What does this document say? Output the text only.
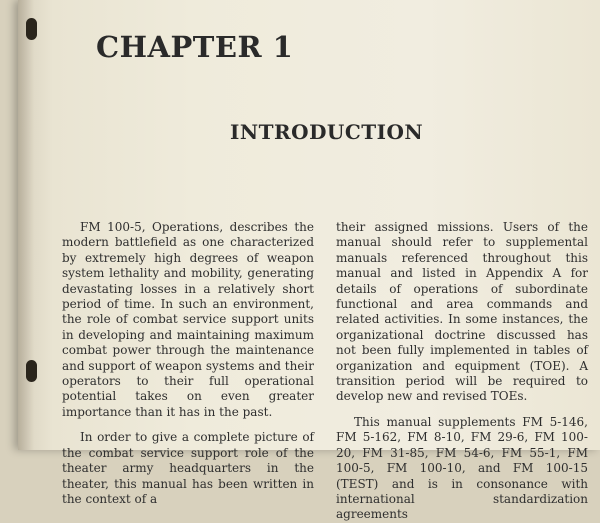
CHAPTER 1
INTRODUCTION

FM 100-5, Operations, describes the modern battlefield as one characterized by extremely high degrees of weapon system lethality and mobility, generating devastating losses in a relatively short period of time. In such an environment, the role of combat service support units in developing and maintaining maximum combat power through the maintenance and support of weapon systems and their operators to their full operational potential takes on even greater importance than it has in the past.

In order to give a complete picture of the combat service support role of the theater army headquarters in the theater, this manual has been written in the context of a

their assigned missions. Users of the manual should refer to supplemental manuals referenced throughout this manual and listed in Appendix A for details of operations of subordinate functional and area commands and related activities. In some instances, the organizational doctrine discussed has not been fully implemented in tables of organization and equipment (TOE). A transition period will be required to develop new and revised TOEs.

This manual supplements FM 5-146, FM 5-162, FM 8-10, FM 29-6, FM 100-20, FM 31-85, FM 54-6, FM 55-1, FM 100-5, FM 100-10, and FM 100-15 (TEST) and is in consonance with international standardization agreements
